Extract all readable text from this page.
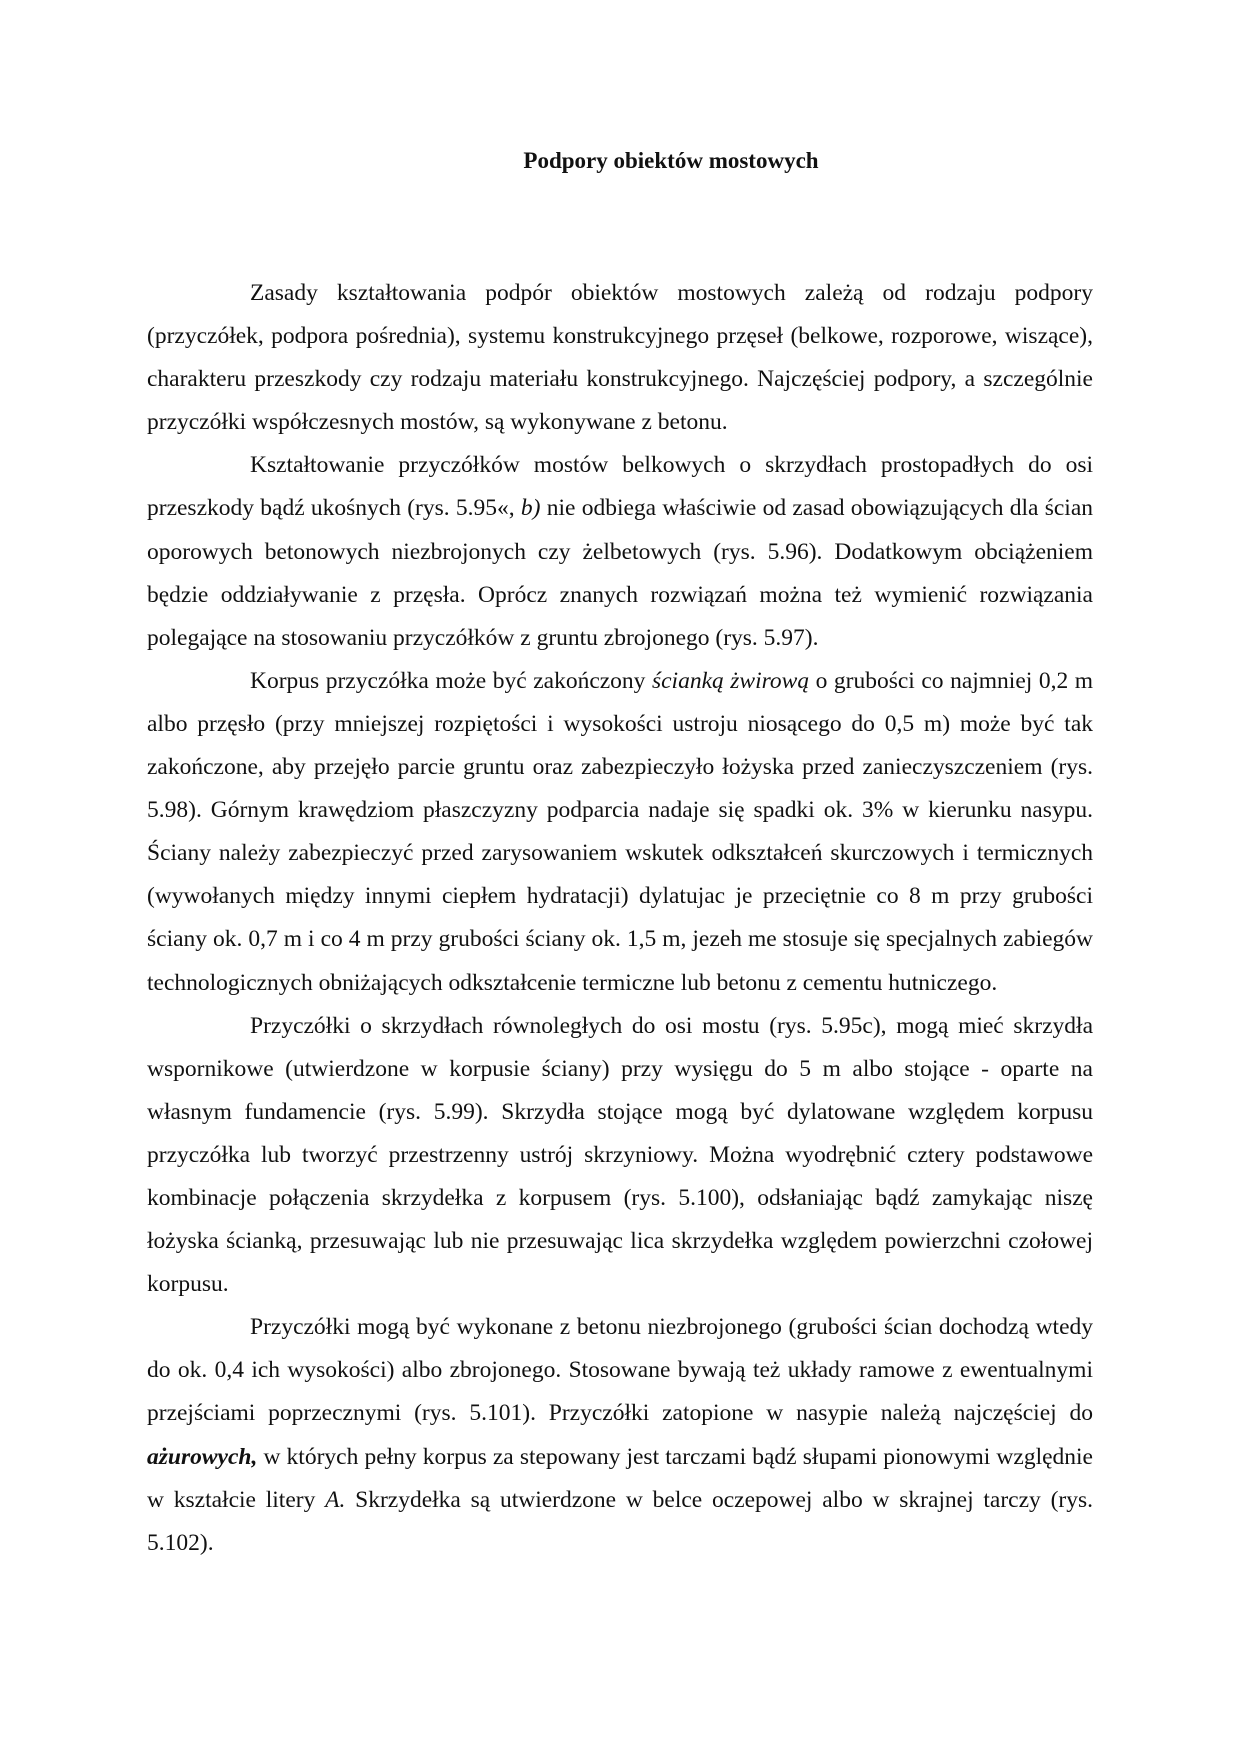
Podpory obiektów mostowych

Zasady kształtowania podpór obiektów mostowych zależą od rodzaju podpory (przyczółek, podpora pośrednia), systemu konstrukcyjnego przęseł (belkowe, rozporowe, wiszące), charakteru przeszkody czy rodzaju materiału konstrukcyjnego. Najczęściej podpory, a szczególnie przyczółki współczesnych mostów, są wykonywane z betonu.

Kształtowanie przyczółków mostów belkowych o skrzydłach prostopadłych do osi przeszkody bądź ukośnych (rys. 5.95«, b) nie odbiega właściwie od zasad obowiązujących dla ścian oporowych betonowych niezbrojonych czy żelbetowych (rys. 5.96). Dodatkowym obciążeniem będzie oddziaływanie z przęsła. Oprócz znanych rozwiązań można też wymienić rozwiązania polegające na stosowaniu przyczółków z gruntu zbrojonego (rys. 5.97).

Korpus przyczółka może być zakończony ścianką żwirową o grubości co najmniej 0,2 m albo przęsło (przy mniejszej rozpiętości i wysokości ustroju niosącego do 0,5 m) może być tak zakończone, aby przejęło parcie gruntu oraz zabezpieczyło łożyska przed zanieczyszczeniem (rys. 5.98). Górnym krawędziom płaszczyzny podparcia nadaje się spadki ok. 3% w kierunku nasypu. Ściany należy zabezpieczyć przed zarysowaniem wskutek odkształceń skurczowych i termicznych (wywołanych między innymi ciepłem hydratacji) dylatujac je przeciętnie co 8 m przy grubości ściany ok. 0,7 m i co 4 m przy grubości ściany ok. 1,5 m, jezeh me stosuje się specjalnych zabiegów technologicznych obniżających odkształcenie termiczne lub betonu z cementu hutniczego.

Przyczółki o skrzydłach równoległych do osi mostu (rys. 5.95c), mogą mieć skrzydła wspornikowe (utwierdzone w korpusie ściany) przy wysięgu do 5 m albo stojące - oparte na własnym fundamencie (rys. 5.99). Skrzydła stojące mogą być dylatowane względem korpusu przyczółka lub tworzyć przestrzenny ustrój skrzyniowy. Można wyodrębnić cztery podstawowe kombinacje połączenia skrzydełka z korpusem (rys. 5.100), odsłaniając bądź zamykając niszę łożyska ścianką, przesuwając lub nie przesuwając lica skrzydełka względem powierzchni czołowej korpusu.

Przyczółki mogą być wykonane z betonu niezbrojonego (grubości ścian dochodzą wtedy do ok. 0,4 ich wysokości) albo zbrojonego. Stosowane bywają też układy ramowe z ewentualnymi przejściami poprzecznymi (rys. 5.101). Przyczółki zatopione w nasypie należą najczęściej do ażurowych, w których pełny korpus za stepowany jest tarczami bądź słupami pionowymi względnie w kształcie litery A. Skrzydełka są utwierdzone w belce oczepowej albo w skrajnej tarczy (rys. 5.102).
